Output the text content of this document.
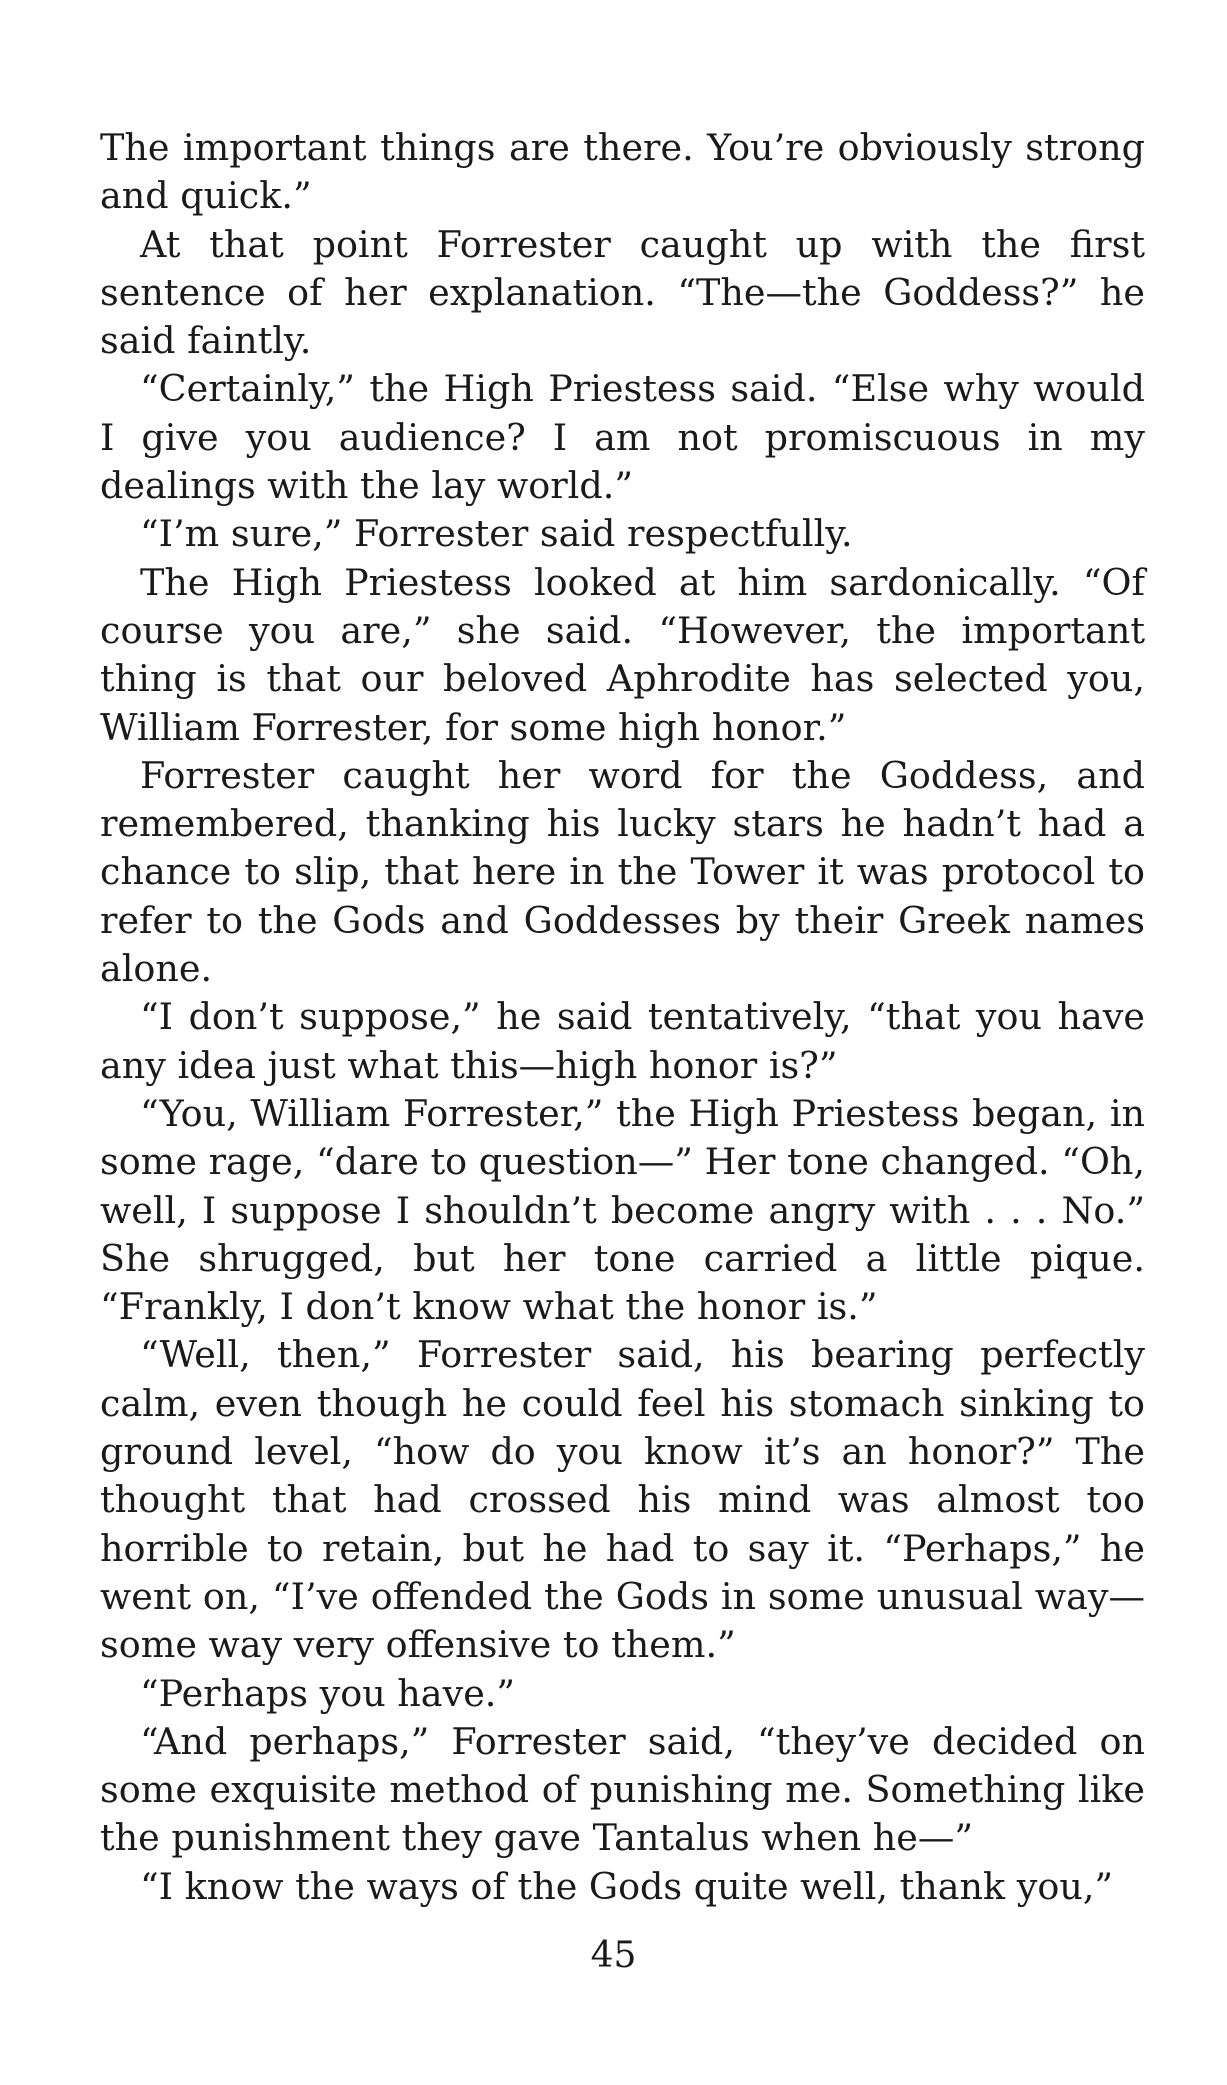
The important things are there. You’re obviously strong and quick.”

At that point Forrester caught up with the first sentence of her explanation. “The—the Goddess?” he said faintly.

“Certainly,” the High Priestess said. “Else why would I give you audience? I am not promiscuous in my dealings with the lay world.”

“I’m sure,” Forrester said respectfully.

The High Priestess looked at him sardonically. “Of course you are,” she said. “However, the important thing is that our beloved Aphrodite has selected you, William Forrester, for some high honor.”

Forrester caught her word for the Goddess, and remembered, thanking his lucky stars he hadn’t had a chance to slip, that here in the Tower it was protocol to refer to the Gods and Goddesses by their Greek names alone.

“I don’t suppose,” he said tentatively, “that you have any idea just what this—high honor is?”

“You, William Forrester,” the High Priestess began, in some rage, “dare to question—” Her tone changed. “Oh, well, I suppose I shouldn’t become angry with . . . No.” She shrugged, but her tone carried a little pique. “Frankly, I don’t know what the honor is.”

“Well, then,” Forrester said, his bearing perfectly calm, even though he could feel his stomach sinking to ground level, “how do you know it’s an honor?” The thought that had crossed his mind was almost too horrible to retain, but he had to say it. “Perhaps,” he went on, “I’ve offended the Gods in some unusual way—some way very offensive to them.”

“Perhaps you have.”

“And perhaps,” Forrester said, “they’ve decided on some exquisite method of punishing me. Something like the punishment they gave Tantalus when he—”

“I know the ways of the Gods quite well, thank you,”

45
